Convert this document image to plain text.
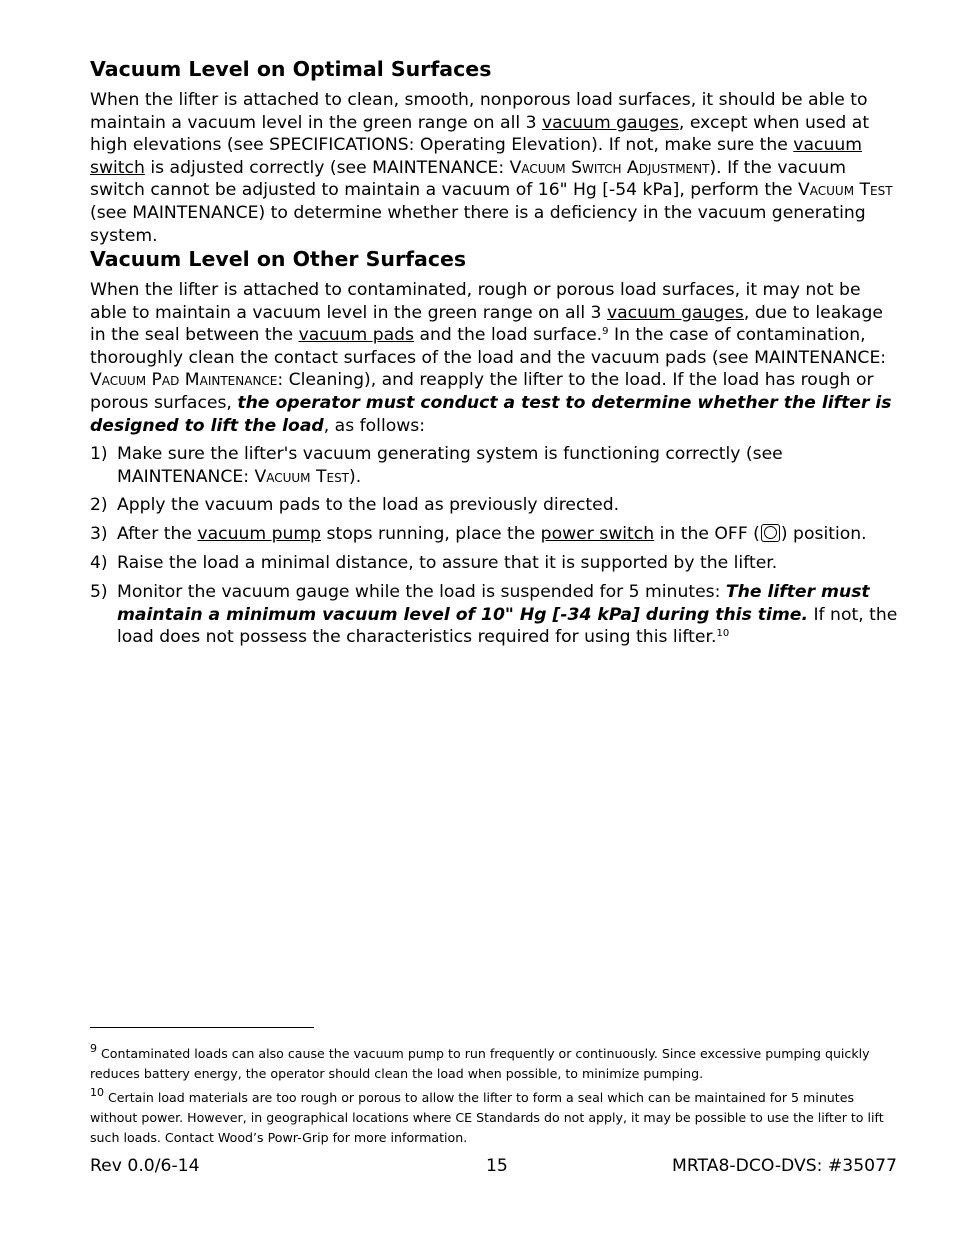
Vacuum Level on Optimal Surfaces

When the lifter is attached to clean, smooth, nonporous load surfaces, it should be able to maintain a vacuum level in the green range on all 3 vacuum gauges, except when used at high elevations (see SPECIFICATIONS: Operating Elevation). If not, make sure the vacuum switch is adjusted correctly (see MAINTENANCE: Vacuum Switch Adjustment). If the vacuum switch cannot be adjusted to maintain a vacuum of 16" Hg [-54 kPa], perform the Vacuum Test (see MAINTENANCE) to determine whether there is a deficiency in the vacuum generating system.

Vacuum Level on Other Surfaces

When the lifter is attached to contaminated, rough or porous load surfaces, it may not be able to maintain a vacuum level in the green range on all 3 vacuum gauges, due to leakage in the seal between the vacuum pads and the load surface.$^9$ In the case of contamination, thoroughly clean the contact surfaces of the load and the vacuum pads (see MAINTENANCE: Vacuum Pad Maintenance: Cleaning), and reapply the lifter to the load. If the load has rough or porous surfaces, the operator must conduct a test to determine whether the lifter is designed to lift the load, as follows:

1) Make sure the lifter's vacuum generating system is functioning correctly (see MAINTENANCE: Vacuum Test).
2) Apply the vacuum pads to the load as previously directed.
3) After the vacuum pump stops running, place the power switch in the OFF ( ) position.
4) Raise the load a minimal distance, to assure that it is supported by the lifter.
5) Monitor the vacuum gauge while the load is suspended for 5 minutes: The lifter must maintain a minimum vacuum level of 10" Hg [-34 kPa] during this time. If not, the load does not possess the characteristics required for using this lifter.$^{10}$
$^9$ Contaminated loads can also cause the vacuum pump to run frequently or continuously. Since excessive pumping quickly reduces battery energy, the operator should clean the load when possible, to minimize pumping.
$^{10}$ Certain load materials are too rough or porous to allow the lifter to form a seal which can be maintained for 5 minutes without power. However, in geographical locations where CE Standards do not apply, it may be possible to use the lifter to lift such loads. Contact Wood’s Powr-Grip for more information.
Rev 0.0/6-14	15	MRTA8-DCO-DVS: #35077
